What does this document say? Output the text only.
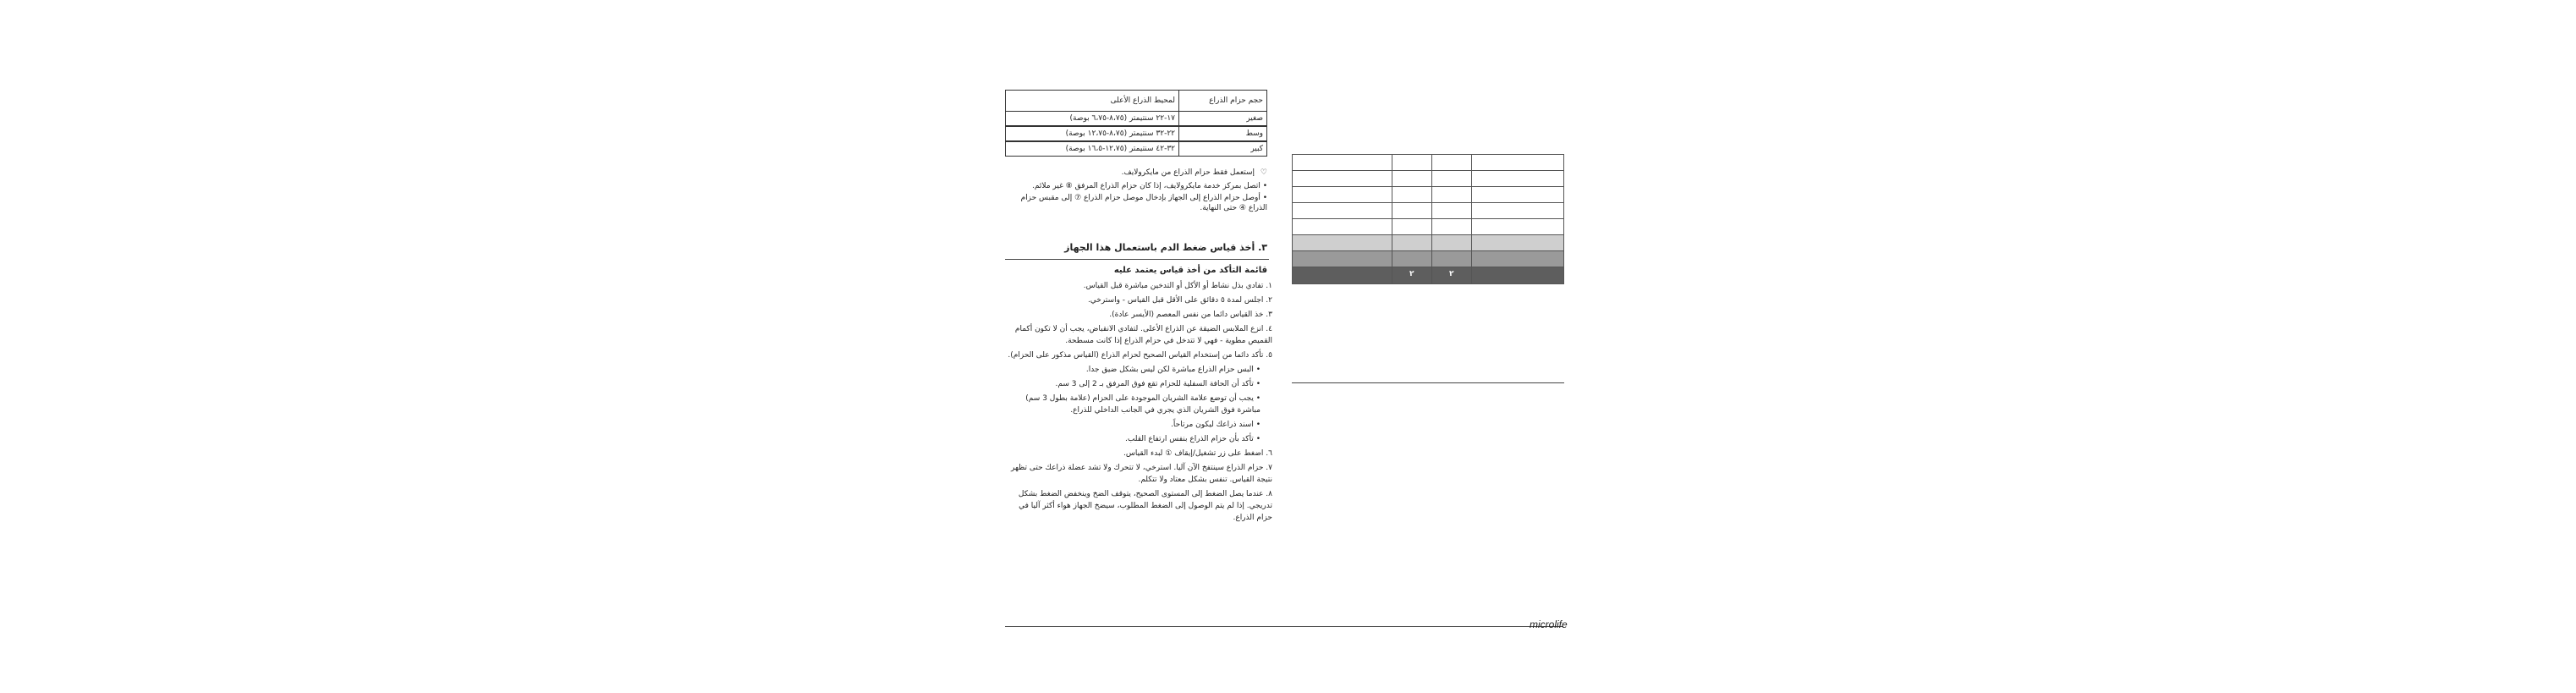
حجم حزام الذراع	لمحيط الذراع الأعلى
صغير	١٧-٢٢ سنتيمتر (٨،٧٥-٦،٧٥ بوصة)
وسط	٢٢-٣٢ سنتيمتر (٨،٧٥-١٢،٧٥ بوصة)
كبير	٣٢-٤٢ سنتيمتر (١٢،٧٥-١٦،٥ بوصة)
♡ إستعمل فقط حزام الذراع من مايكرولايف.
• اتصل بمركز خدمة مايكرولايف، إذا كان حزام الذراع المرفق ⑧ غير ملائم.
• أوصل حزام الذراع إلى الجهاز بإدخال موصل حزام الذراع ⑦ إلى مقبس حزام الذراع ④ حتى النهاية.
٣. أخذ قياس ضغط الدم باستعمال هذا الجهاز
قائمة التأكد من أخذ قياس يعتمد عليه
١. تفادي بذل نشاط أو الأكل أو التدخين مباشرة قبل القياس.
٢. اجلس لمدة ٥ دقائق على الأقل قبل القياس - واسترخي.
٣. خذ القياس دائما من نفس المعصم (الأيسر عادة).
٤. انزع الملابس الضيقة عن الذراع الأعلى. لتفادي الانقباض، يجب أن لا تكون أكمام القميص مطوية - فهي لا تتدخل في حزام الذراع إذا كانت مسطحة.
٥. تأكد دائما من إستخدام القياس الصحيح لحزام الذراع (القياس مذكور على الحزام).
• البس حزام الذراع مباشرة لكن ليس بشكل ضيق جدا.
• تأكد أن الحافة السفلية للحزام تقع فوق المرفق بـ 2 إلى 3 سم.
• يجب أن توضع علامة الشريان الموجودة على الحزام (علامة بطول 3 سم) مباشرة فوق الشريان الذي يجري في الجانب الداخلي للذراع.
• اسند ذراعك ليكون مرتاحاً.
• تأكد بأن حزام الذراع بنفس ارتفاع القلب.
٦. اضغط على زر تشغيل/إيقاف ① لبدء القياس.
٧. حزام الذراع سينتفخ الآن آليا. استرخي، لا تتحرك ولا تشد عضلة ذراعك حتى تظهر نتيجة القياس. تنفس بشكل معتاد ولا تتكلم.
٨. عندما يصل الضغط إلى المستوى الصحيح، يتوقف الضخ وينخفض الضغط بشكل تدريجي. إذا لم يتم الوصول إلى الضغط المطلوب، سيضخ الجهاز هواء أكثر آليا في حزام الذراع.
٢	٢
microlife
